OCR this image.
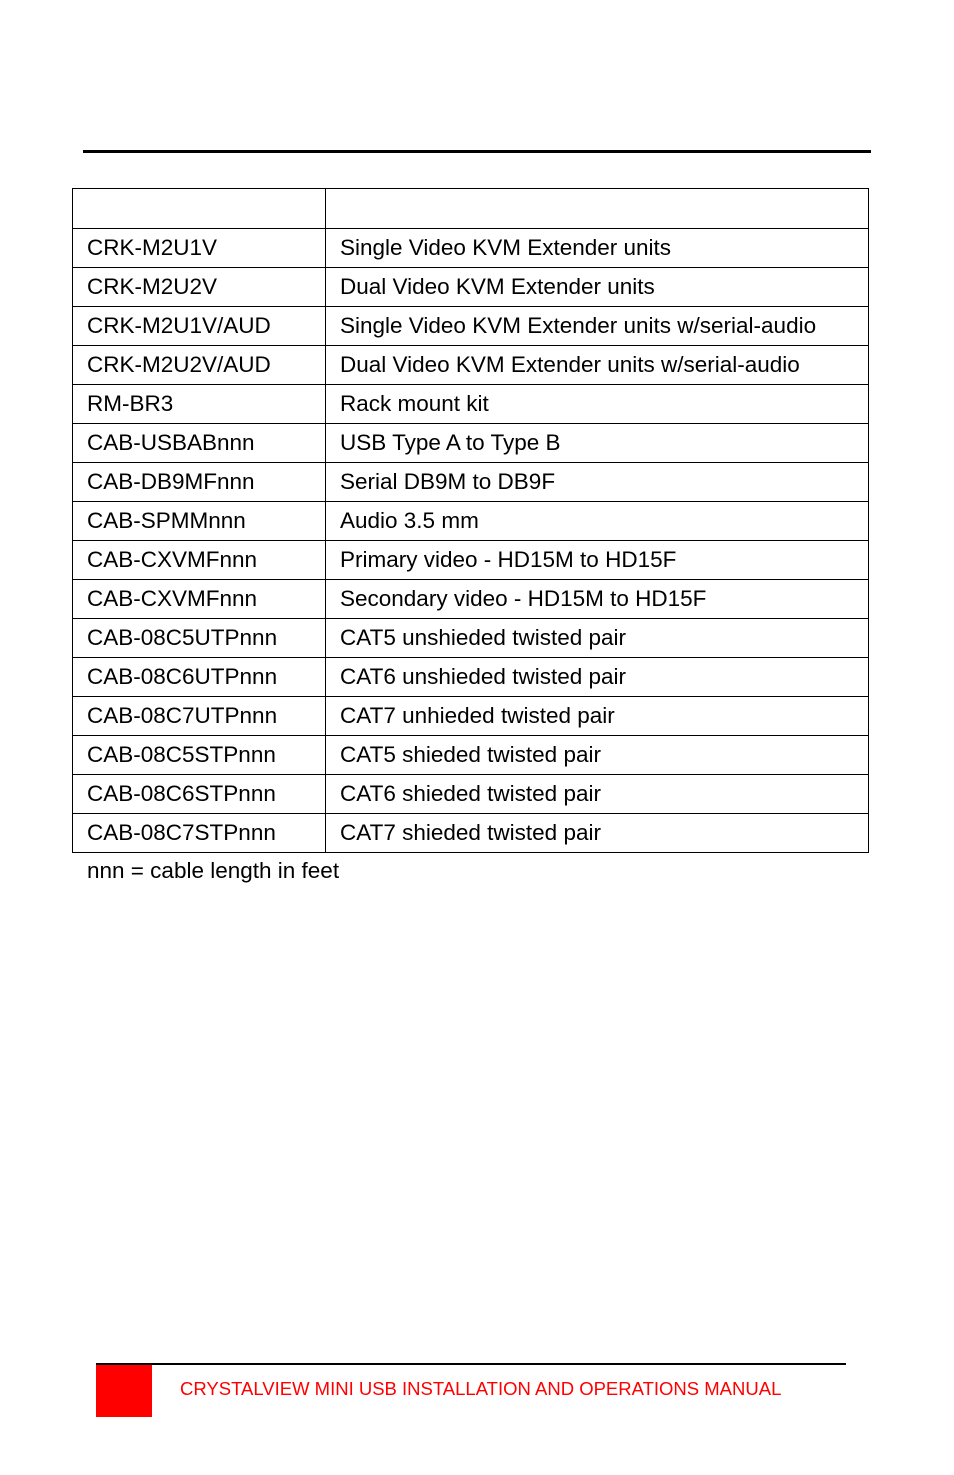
CRK-M2U1V	Single Video KVM Extender units
CRK-M2U2V	Dual Video KVM Extender units
CRK-M2U1V/AUD	Single Video KVM Extender units w/serial-audio
CRK-M2U2V/AUD	Dual Video KVM Extender units w/serial-audio
RM-BR3	Rack mount kit
CAB-USBABnnn	USB Type A to Type B
CAB-DB9MFnnn	Serial DB9M to DB9F
CAB-SPMMnnn	Audio 3.5 mm
CAB-CXVMFnnn	Primary video - HD15M to HD15F
CAB-CXVMFnnn	Secondary video - HD15M to HD15F
CAB-08C5UTPnnn	CAT5 unshieded twisted pair
CAB-08C6UTPnnn	CAT6 unshieded twisted pair
CAB-08C7UTPnnn	CAT7 unhieded twisted pair
CAB-08C5STPnnn	CAT5 shieded twisted pair
CAB-08C6STPnnn	CAT6 shieded twisted pair
CAB-08C7STPnnn	CAT7 shieded twisted pair
nnn = cable length in feet
CRYSTALVIEW MINI USB INSTALLATION AND OPERATIONS MANUAL
